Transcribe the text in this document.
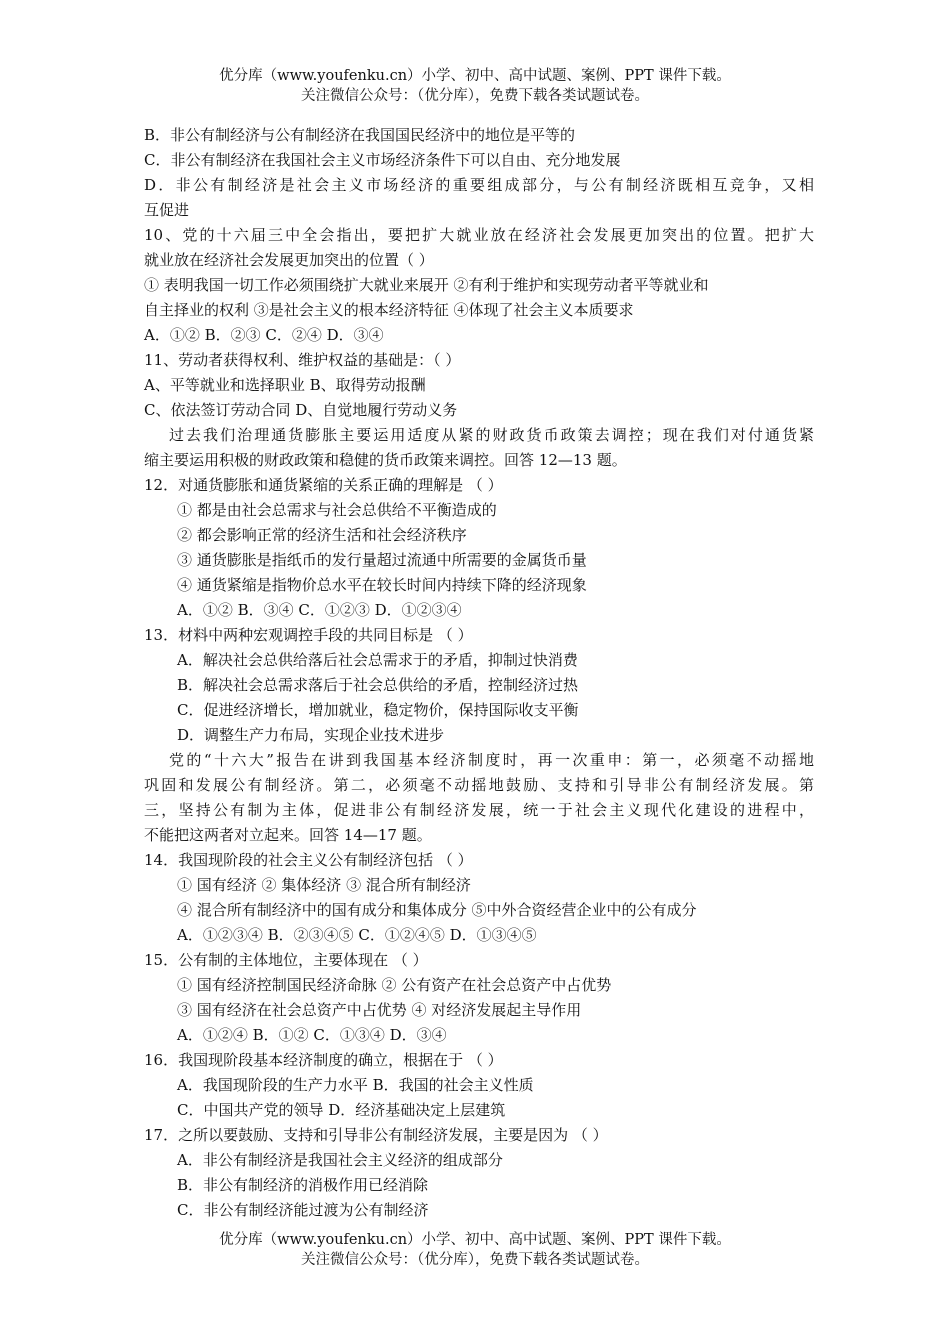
优分库（www.youfenku.cn）小学、初中、高中试题、案例、PPT 课件下载。
关注微信公众号：（优分库），免费下载各类试题试卷。
B．非公有制经济与公有制经济在我国国民经济中的地位是平等的
C．非公有制经济在我国社会主义市场经济条件下可以自由、充分地发展
D．非公有制经济是社会主义市场经济的重要组成部分，与公有制经济既相互竞争，又相
互促进
10、党的十六届三中全会指出，要把扩大就业放在经济社会发展更加突出的位置。把扩大
就业放在经济社会发展更加突出的位置（ ）
① 表明我国一切工作必须围绕扩大就业来展开 ②有利于维护和实现劳动者平等就业和
自主择业的权利 ③是社会主义的根本经济特征 ④体现了社会主义本质要求
A．①② B．②③ C．②④ D．③④
11、劳动者获得权利、维护权益的基础是：（ ）
A、平等就业和选择职业 B、取得劳动报酬
C、依法签订劳动合同 D、自觉地履行劳动义务
过去我们治理通货膨胀主要运用适度从紧的财政货币政策去调控；现在我们对付通货紧
缩主要运用积极的财政政策和稳健的货币政策来调控。回答 12—13 题。
12．对通货膨胀和通货紧缩的关系正确的理解是 （ ）
① 都是由社会总需求与社会总供给不平衡造成的
② 都会影响正常的经济生活和社会经济秩序
③ 通货膨胀是指纸币的发行量超过流通中所需要的金属货币量
④ 通货紧缩是指物价总水平在较长时间内持续下降的经济现象
A．①② B．③④ C．①②③ D．①②③④
13．材料中两种宏观调控手段的共同目标是 （ ）
A．解决社会总供给落后社会总需求于的矛盾，抑制过快消费
B．解决社会总需求落后于社会总供给的矛盾，控制经济过热
C．促进经济增长，增加就业，稳定物价，保持国际收支平衡
D．调整生产力布局，实现企业技术进步
党的“十六大”报告在讲到我国基本经济制度时，再一次重申：第一，必须毫不动摇地
巩固和发展公有制经济。第二，必须毫不动摇地鼓励、支持和引导非公有制经济发展。第
三，坚持公有制为主体，促进非公有制经济发展，统一于社会主义现代化建设的进程中，
不能把这两者对立起来。回答 14—17 题。
14．我国现阶段的社会主义公有制经济包括 （ ）
① 国有经济 ② 集体经济 ③ 混合所有制经济
④ 混合所有制经济中的国有成分和集体成分 ⑤中外合资经营企业中的公有成分
A．①②③④ B．②③④⑤ C．①②④⑤ D．①③④⑤
15．公有制的主体地位，主要体现在 （ ）
① 国有经济控制国民经济命脉 ② 公有资产在社会总资产中占优势
③ 国有经济在社会总资产中占优势 ④ 对经济发展起主导作用
A．①②④ B．①② C．①③④ D．③④
16．我国现阶段基本经济制度的确立，根据在于 （ ）
A．我国现阶段的生产力水平 B．我国的社会主义性质
C．中国共产党的领导 D．经济基础决定上层建筑
17．之所以要鼓励、支持和引导非公有制经济发展，主要是因为 （ ）
A．非公有制经济是我国社会主义经济的组成部分
B．非公有制经济的消极作用已经消除
C．非公有制经济能过渡为公有制经济
优分库（www.youfenku.cn）小学、初中、高中试题、案例、PPT 课件下载。
关注微信公众号：（优分库），免费下载各类试题试卷。
